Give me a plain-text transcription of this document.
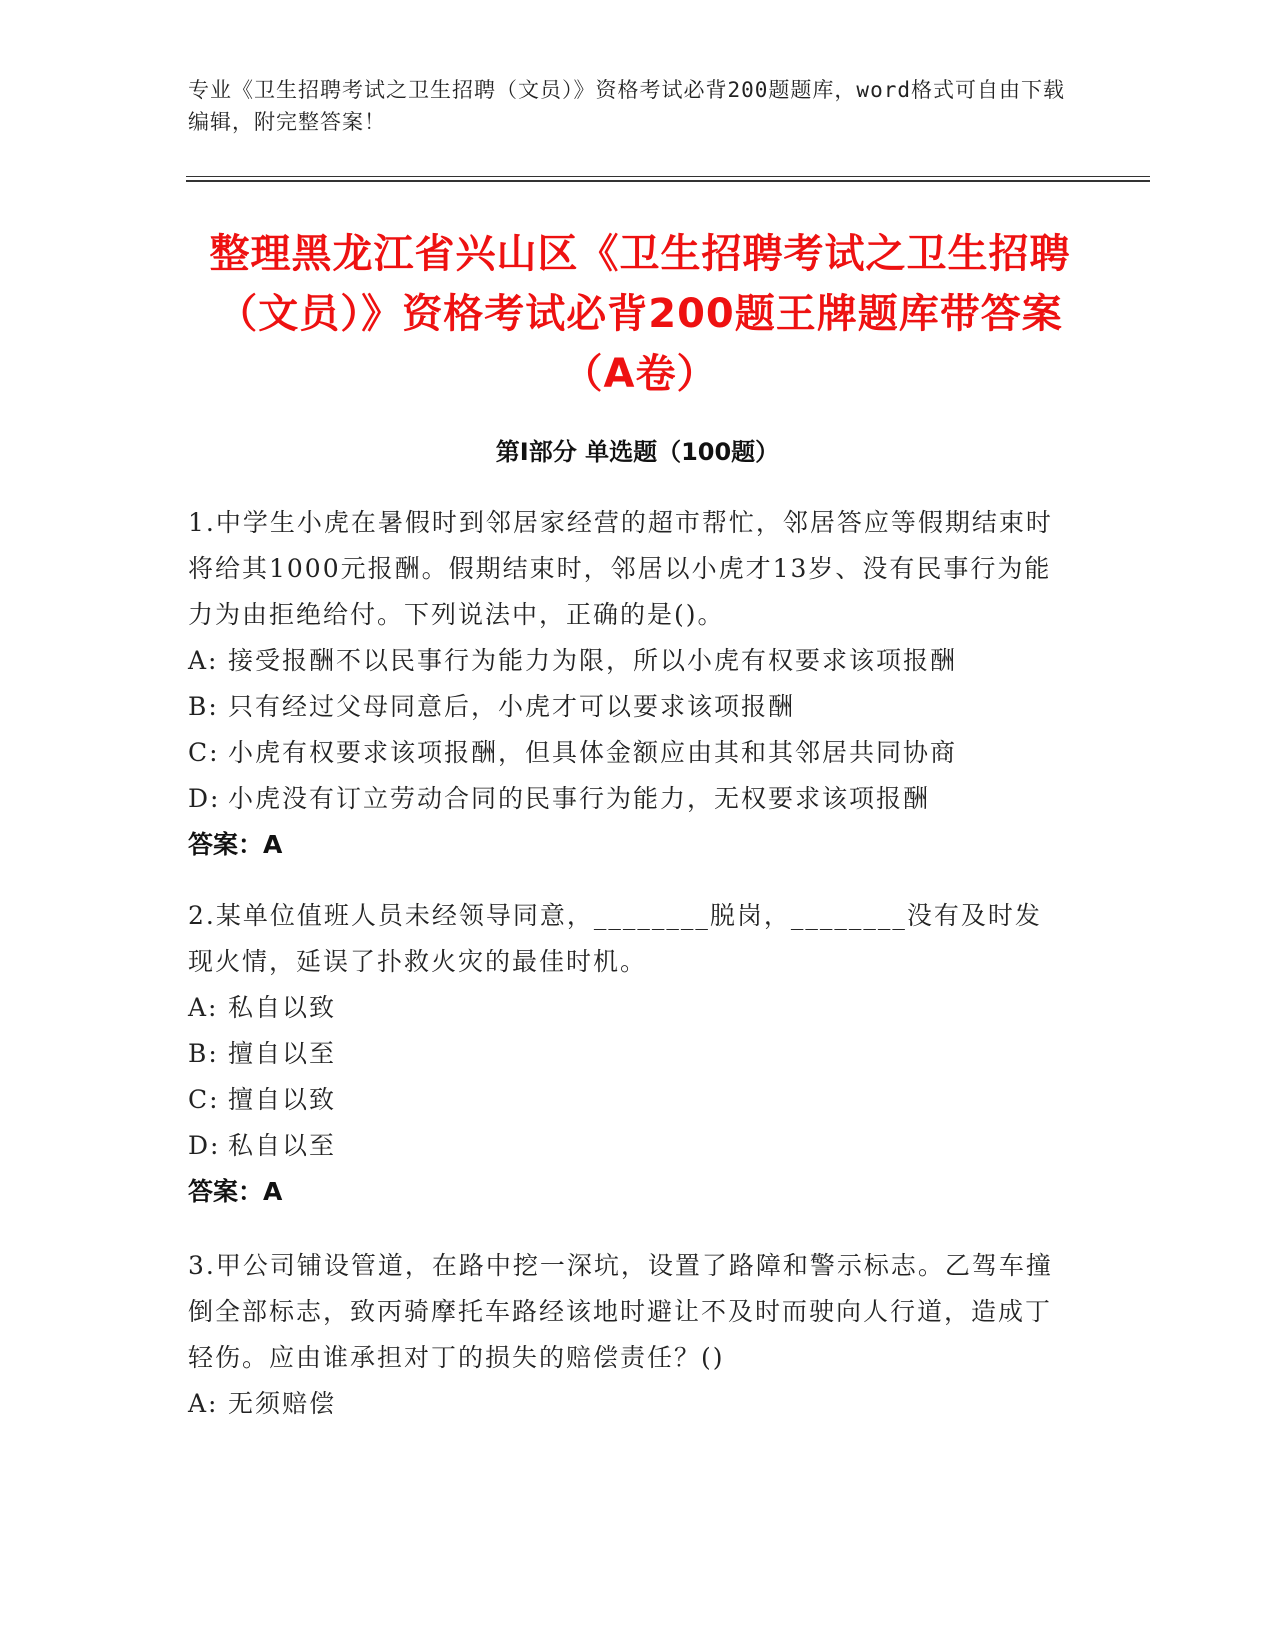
专业《卫生招聘考试之卫生招聘（文员）》资格考试必背200题题库，word格式可自由下载编辑，附完整答案！
整理黑龙江省兴山区《卫生招聘考试之卫生招聘（文员）》资格考试必背200题王牌题库带答案（A卷）
第Ⅰ部分 单选题（100题）
1.中学生小虎在暑假时到邻居家经营的超市帮忙，邻居答应等假期结束时将给其1000元报酬。假期结束时，邻居以小虎才13岁、没有民事行为能力为由拒绝给付。下列说法中，正确的是()。
A: 接受报酬不以民事行为能力为限，所以小虎有权要求该项报酬
B: 只有经过父母同意后，小虎才可以要求该项报酬
C: 小虎有权要求该项报酬，但具体金额应由其和其邻居共同协商
D: 小虎没有订立劳动合同的民事行为能力，无权要求该项报酬
答案：A
2.某单位值班人员未经领导同意，________脱岗，________没有及时发现火情，延误了扑救火灾的最佳时机。
A: 私自以致
B: 擅自以至
C: 擅自以致
D: 私自以至
答案：A
3.甲公司铺设管道，在路中挖一深坑，设置了路障和警示标志。乙驾车撞倒全部标志，致丙骑摩托车路经该地时避让不及时而驶向人行道，造成丁轻伤。应由谁承担对丁的损失的赔偿责任？()
A: 无须赔偿
